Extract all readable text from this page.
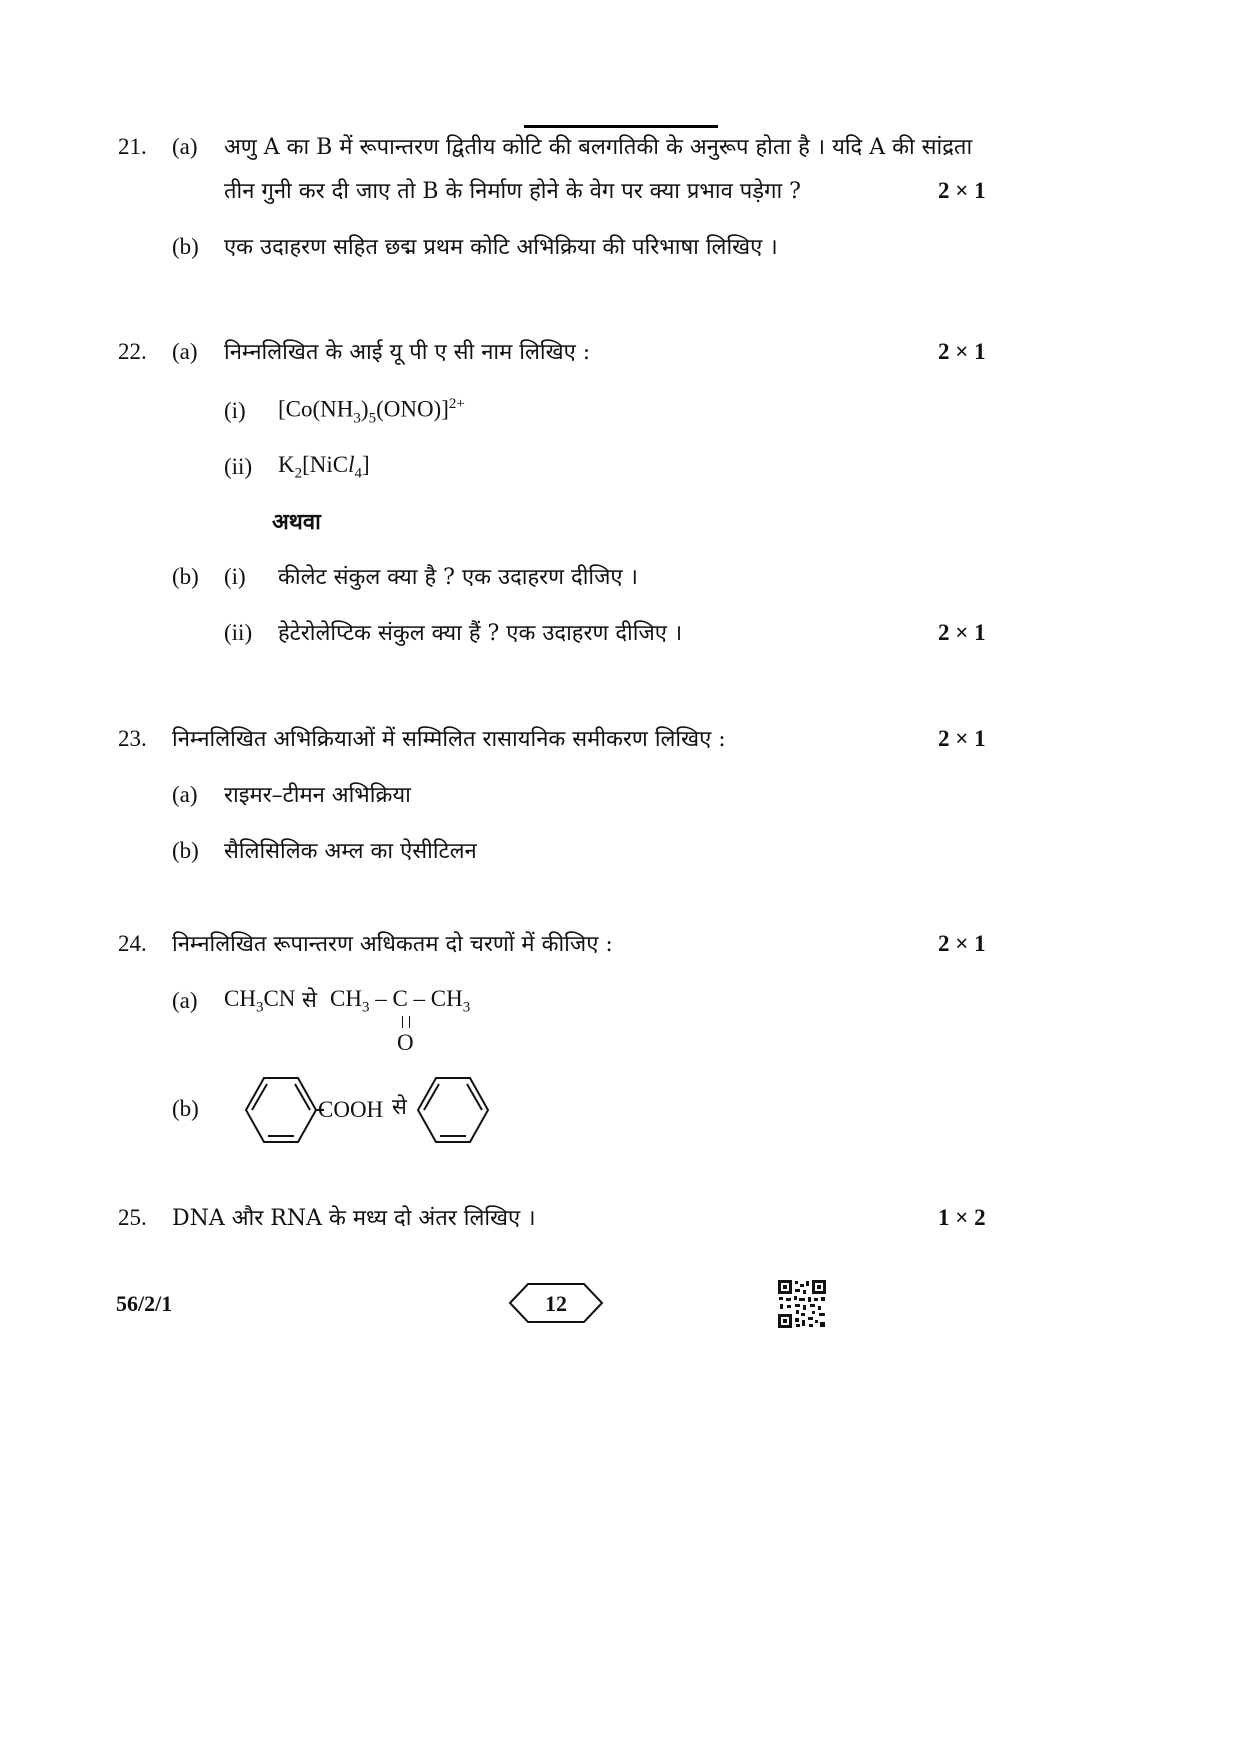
21. (a) अणु A का B में रूपान्तरण द्वितीय कोटि की बलगतिकी के अनुरूप होता है । यदि A की सांद्रता
तीन गुनी कर दी जाए तो B के निर्माण होने के वेग पर क्या प्रभाव पड़ेगा ?	2 × 1
(b) एक उदाहरण सहित छद्म प्रथम कोटि अभिक्रिया की परिभाषा लिखिए ।
22. (a) निम्नलिखित के आई यू पी ए सी नाम लिखिए :	2 × 1
(i) $[Co(NH_3)_5(ONO)]^{2+}$
(ii) $K_2[NiCl_4]$
अथवा
(b) (i) कीलेट संकुल क्या है ? एक उदाहरण दीजिए ।
(ii) हेटेरोलेप्टिक संकुल क्या हैं ? एक उदाहरण दीजिए ।	2 × 1
23. निम्नलिखित अभिक्रियाओं में सम्मिलित रासायनिक समीकरण लिखिए :	2 × 1
(a) राइमर–टीमन अभिक्रिया
(b) सैलिसिलिक अम्ल का ऐसीटिलन
24. निम्नलिखित रूपान्तरण अधिकतम दो चरणों में कीजिए :	2 × 1
(a) $CH_3CN$ से $CH_3$ – C – $CH_3$
O
(b)	COOH से
25. DNA और RNA के मध्य दो अंतर लिखिए ।	1 × 2
56/2/1	12
